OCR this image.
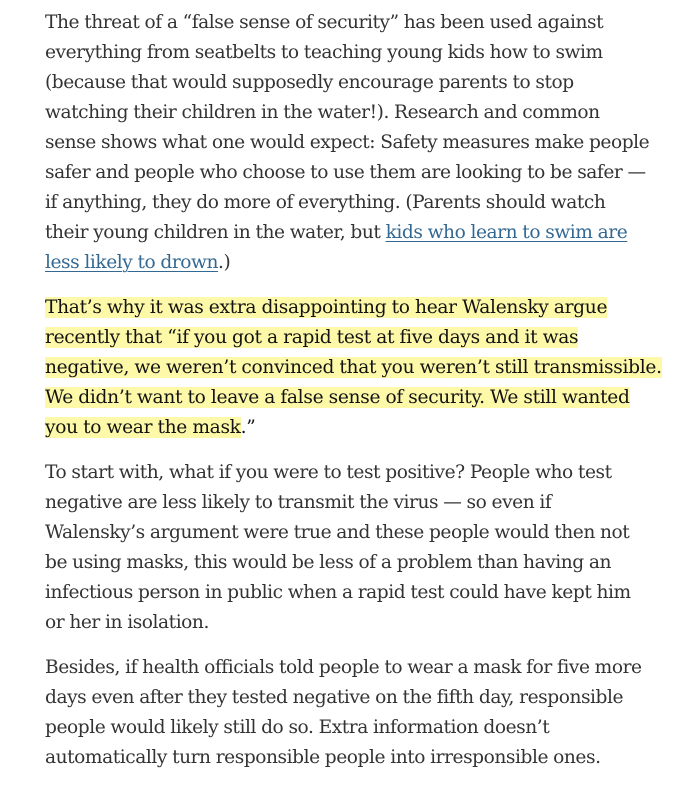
The threat of a “false sense of security” has been used against
everything from seatbelts to teaching young kids how to swim
(because that would supposedly encourage parents to stop
watching their children in the water!). Research and common
sense shows what one would expect: Safety measures make people
safer and people who choose to use them are looking to be safer —
if anything, they do more of everything. (Parents should watch
their young children in the water, but kids who learn to swim are
less likely to drown.)

That’s why it was extra disappointing to hear Walensky argue
recently that “if you got a rapid test at five days and it was
negative, we weren’t convinced that you weren’t still transmissible.
We didn’t want to leave a false sense of security. We still wanted
you to wear the mask.”

To start with, what if you were to test positive? People who test
negative are less likely to transmit the virus — so even if
Walensky’s argument were true and these people would then not
be using masks, this would be less of a problem than having an
infectious person in public when a rapid test could have kept him
or her in isolation.

Besides, if health officials told people to wear a mask for five more
days even after they tested negative on the fifth day, responsible
people would likely still do so. Extra information doesn’t
automatically turn responsible people into irresponsible ones.
